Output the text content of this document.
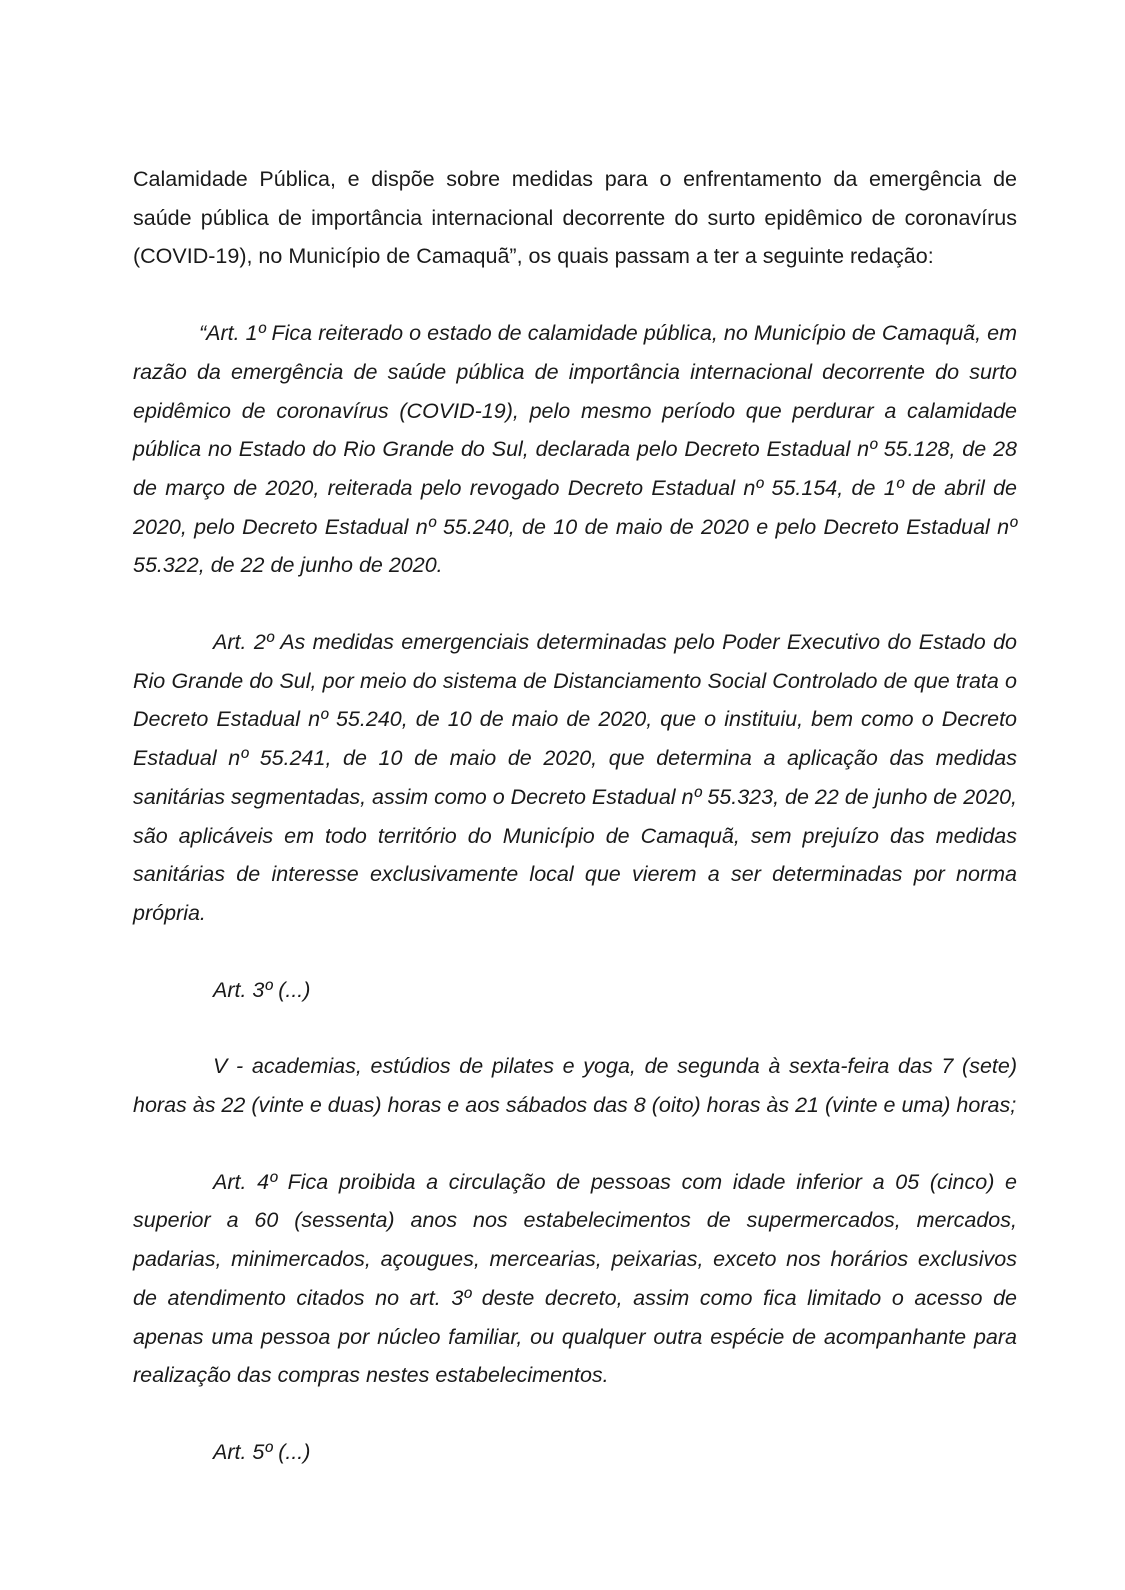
Calamidade Pública, e dispõe sobre medidas para o enfrentamento da emergência de saúde pública de importância internacional decorrente do surto epidêmico de coronavírus (COVID-19), no Município de Camaquã”, os quais passam a ter a seguinte redação:

“Art. 1º Fica reiterado o estado de calamidade pública, no Município de Camaquã, em razão da emergência de saúde pública de importância internacional decorrente do surto epidêmico de coronavírus (COVID-19), pelo mesmo período que perdurar a calamidade pública no Estado do Rio Grande do Sul, declarada pelo Decreto Estadual nº 55.128, de 28 de março de 2020, reiterada pelo revogado Decreto Estadual nº 55.154, de 1º de abril de 2020, pelo Decreto Estadual nº 55.240, de 10 de maio de 2020 e pelo Decreto Estadual nº 55.322, de 22 de junho de 2020.

Art. 2º As medidas emergenciais determinadas pelo Poder Executivo do Estado do Rio Grande do Sul, por meio do sistema de Distanciamento Social Controlado de que trata o Decreto Estadual nº 55.240, de 10 de maio de 2020, que o instituiu, bem como o Decreto Estadual nº 55.241, de 10 de maio de 2020, que determina a aplicação das medidas sanitárias segmentadas, assim como o Decreto Estadual nº 55.323, de 22 de junho de 2020, são aplicáveis em todo território do Município de Camaquã, sem prejuízo das medidas sanitárias de interesse exclusivamente local que vierem a ser determinadas por norma própria.

Art. 3º (...)

V - academias, estúdios de pilates e yoga, de segunda à sexta-feira das 7 (sete) horas às 22 (vinte e duas) horas e aos sábados das 8 (oito) horas às 21 (vinte e uma) horas;

Art. 4º Fica proibida a circulação de pessoas com idade inferior a 05 (cinco) e superior a 60 (sessenta) anos nos estabelecimentos de supermercados, mercados, padarias, minimercados, açougues, mercearias, peixarias, exceto nos horários exclusivos de atendimento citados no art. 3º deste decreto, assim como fica limitado o acesso de apenas uma pessoa por núcleo familiar, ou qualquer outra espécie de acompanhante para realização das compras nestes estabelecimentos.

Art. 5º (...)
